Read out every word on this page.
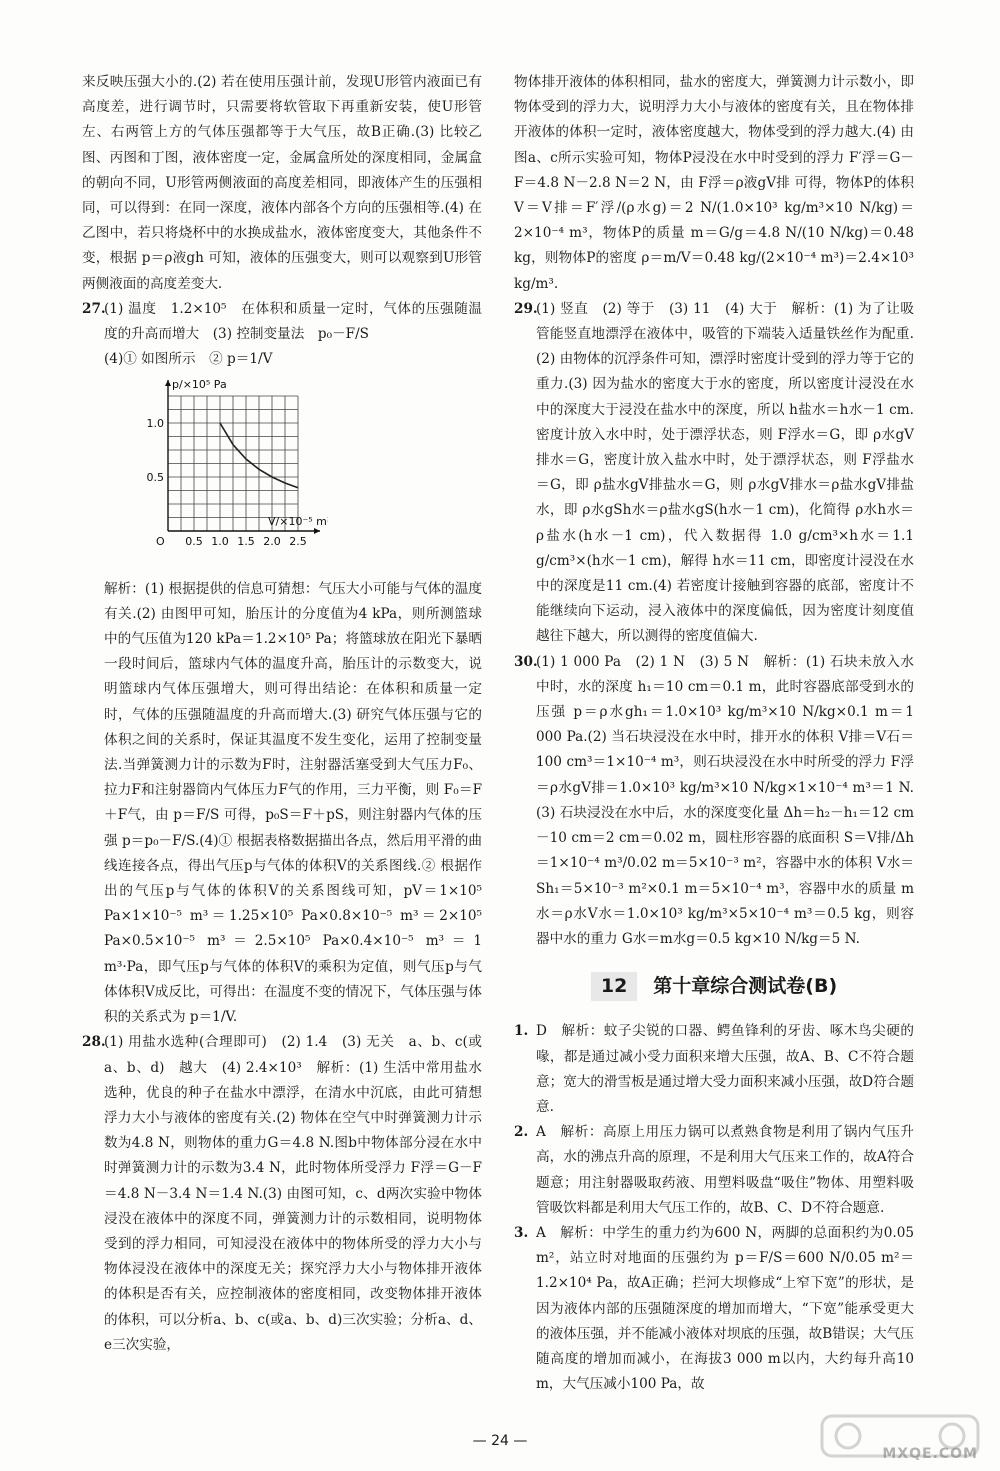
来反映压强大小的.(2) 若在使用压强计前，发现U形管内液面已有高度差，进行调节时，只需要将软管取下再重新安装，使U形管左、右两管上方的气体压强都等于大气压，故B正确.(3) 比较乙图、丙图和丁图，液体密度一定，金属盒所处的深度相同，金属盒的朝向不同，U形管两侧液面的高度差相同，即液体产生的压强相同，可以得到：在同一深度，液体内部各个方向的压强相等.(4) 在乙图中，若只将烧杯中的水换成盐水，液体密度变大，其他条件不变，根据 p＝ρ液gh 可知，液体的压强变大，则可以观察到U形管两侧液面的高度差变大.

27.
(1) 温度　1.2×10⁵　在体积和质量一定时，气体的压强随温度的升高而增大　(3) 控制变量法　p₀－F/S
(4)① 如图所示　② p＝1/V
0.5 1.0 1.5 2.0 2.5
0.5
1.0
p/×10⁵ Pa
V/×10⁻⁵ m³
O

解析：(1) 根据提供的信息可猜想：气压大小可能与气体的温度有关.(2) 由图甲可知，胎压计的分度值为4 kPa，则所测篮球中的气压值为120 kPa＝1.2×10⁵ Pa；将篮球放在阳光下暴晒一段时间后，篮球内气体的温度升高，胎压计的示数变大，说明篮球内气体压强增大，则可得出结论：在体积和质量一定时，气体的压强随温度的升高而增大.(3) 研究气体压强与它的体积之间的关系时，保证其温度不发生变化，运用了控制变量法.当弹簧测力计的示数为F时，注射器活塞受到大气压力F₀、拉力F和注射器筒内气体压力F气的作用，三力平衡，则 F₀＝F＋F气，由 p＝F/S 可得，p₀S＝F＋pS，则注射器内气体的压强 p＝p₀－F/S.(4)① 根据表格数据描出各点，然后用平滑的曲线连接各点，得出气压p与气体的体积V的关系图线.② 根据作出的气压p与气体的体积V的关系图线可知，pV＝1×10⁵ Pa×1×10⁻⁵ m³＝1.25×10⁵ Pa×0.8×10⁻⁵ m³＝2×10⁵ Pa×0.5×10⁻⁵ m³＝2.5×10⁵ Pa×0.4×10⁻⁵ m³＝1 m³·Pa，即气压p与气体的体积V的乘积为定值，则气压p与气体体积V成反比，可得出：在温度不变的情况下，气体压强与体积的关系式为 p＝1/V.

28.

(1) 用盐水选种(合理即可)　(2) 1.4　(3) 无关　a、b、c(或a、b、d)　越大　(4) 2.4×10³　解析：(1) 生活中常用盐水选种，优良的种子在盐水中漂浮，在清水中沉底，由此可猜想浮力大小与液体的密度有关.(2) 物体在空气中时弹簧测力计示数为4.8 N，则物体的重力G＝4.8 N.图b中物体部分浸在水中时弹簧测力计的示数为3.4 N，此时物体所受浮力 F浮＝G－F＝4.8 N－3.4 N＝1.4 N.(3) 由图可知，c、d两次实验中物体浸没在液体中的深度不同，弹簧测力计的示数相同，说明物体受到的浮力相同，可知浸没在液体中的物体所受的浮力大小与物体浸没在液体中的深度无关；探究浮力大小与物体排开液体的体积是否有关，应控制液体的密度相同，改变物体排开液体的体积，可以分析a、b、c(或a、b、d)三次实验；分析a、d、e三次实验，

物体排开液体的体积相同，盐水的密度大，弹簧测力计示数小，即物体受到的浮力大，说明浮力大小与液体的密度有关，且在物体排开液体的体积一定时，液体密度越大，物体受到的浮力越大.(4) 由图a、c所示实验可知，物体P浸没在水中时受到的浮力 F′浮＝G－F＝4.8 N－2.8 N＝2 N，由 F浮＝ρ液gV排 可得，物体P的体积 V＝V排＝F′浮/(ρ水g)＝2 N/(1.0×10³ kg/m³×10 N/kg)＝2×10⁻⁴ m³，物体P的质量 m＝G/g＝4.8 N/(10 N/kg)＝0.48 kg，则物体P的密度 ρ＝m/V＝0.48 kg/(2×10⁻⁴ m³)＝2.4×10³ kg/m³.

29.

(1) 竖直　(2) 等于　(3) 11　(4) 大于　解析：(1) 为了让吸管能竖直地漂浮在液体中，吸管的下端装入适量铁丝作为配重.(2) 由物体的沉浮条件可知，漂浮时密度计受到的浮力等于它的重力.(3) 因为盐水的密度大于水的密度，所以密度计浸没在水中的深度大于浸没在盐水中的深度，所以 h盐水＝h水－1 cm.密度计放入水中时，处于漂浮状态，则 F浮水＝G，即 ρ水gV排水＝G，密度计放入盐水中时，处于漂浮状态，则 F浮盐水＝G，即 ρ盐水gV排盐水＝G，则 ρ水gV排水＝ρ盐水gV排盐水，即 ρ水gSh水＝ρ盐水gS(h水－1 cm)，化简得 ρ水h水＝ρ盐水(h水－1 cm)，代入数据得 1.0 g/cm³×h水＝1.1 g/cm³×(h水－1 cm)，解得 h水＝11 cm，即密度计浸没在水中的深度是11 cm.(4) 若密度计接触到容器的底部，密度计不能继续向下运动，浸入液体中的深度偏低，因为密度计刻度值越往下越大，所以测得的密度值偏大.

30.

(1) 1 000 Pa　(2) 1 N　(3) 5 N　解析：(1) 石块未放入水中时，水的深度 h₁＝10 cm＝0.1 m，此时容器底部受到水的压强 p＝ρ水gh₁＝1.0×10³ kg/m³×10 N/kg×0.1 m＝1 000 Pa.(2) 当石块浸没在水中时，排开水的体积 V排＝V石＝100 cm³＝1×10⁻⁴ m³，则石块浸没在水中时所受的浮力 F浮＝ρ水gV排＝1.0×10³ kg/m³×10 N/kg×1×10⁻⁴ m³＝1 N.(3) 石块浸没在水中后，水的深度变化量 Δh＝h₂－h₁＝12 cm－10 cm＝2 cm＝0.02 m，圆柱形容器的底面积 S＝V排/Δh＝1×10⁻⁴ m³/0.02 m＝5×10⁻³ m²，容器中水的体积 V水＝Sh₁＝5×10⁻³ m²×0.1 m＝5×10⁻⁴ m³，容器中水的质量 m水＝ρ水V水＝1.0×10³ kg/m³×5×10⁻⁴ m³＝0.5 kg，则容器中水的重力 G水＝m水g＝0.5 kg×10 N/kg＝5 N.

12	第十章综合测试卷(B)
1. D　解析：蚊子尖锐的口器、鳄鱼锋利的牙齿、啄木鸟尖硬的喙，都是通过减小受力面积来增大压强，故A、B、C不符合题意；宽大的滑雪板是通过增大受力面积来减小压强，故D符合题意.

2. A　解析：高原上用压力锅可以煮熟食物是利用了锅内气压升高，水的沸点升高的原理，不是利用大气压来工作的，故A符合题意；用注射器吸取药液、用塑料吸盘“吸住”物体、用塑料吸管吸饮料都是利用大气压工作的，故B、C、D不符合题意.

3. A　解析：中学生的重力约为600 N，两脚的总面积约为0.05 m²，站立时对地面的压强约为 p＝F/S＝600 N/0.05 m²＝1.2×10⁴ Pa，故A正确；拦河大坝修成“上窄下宽”的形状，是因为液体内部的压强随深度的增加而增大，“下宽”能承受更大的液体压强，并不能减小液体对坝底的压强，故B错误；大气压随高度的增加而减小，在海拔3 000 m以内，大约每升高10 m，大气压减小100 Pa，故

— 24 —
MXQE.COM
